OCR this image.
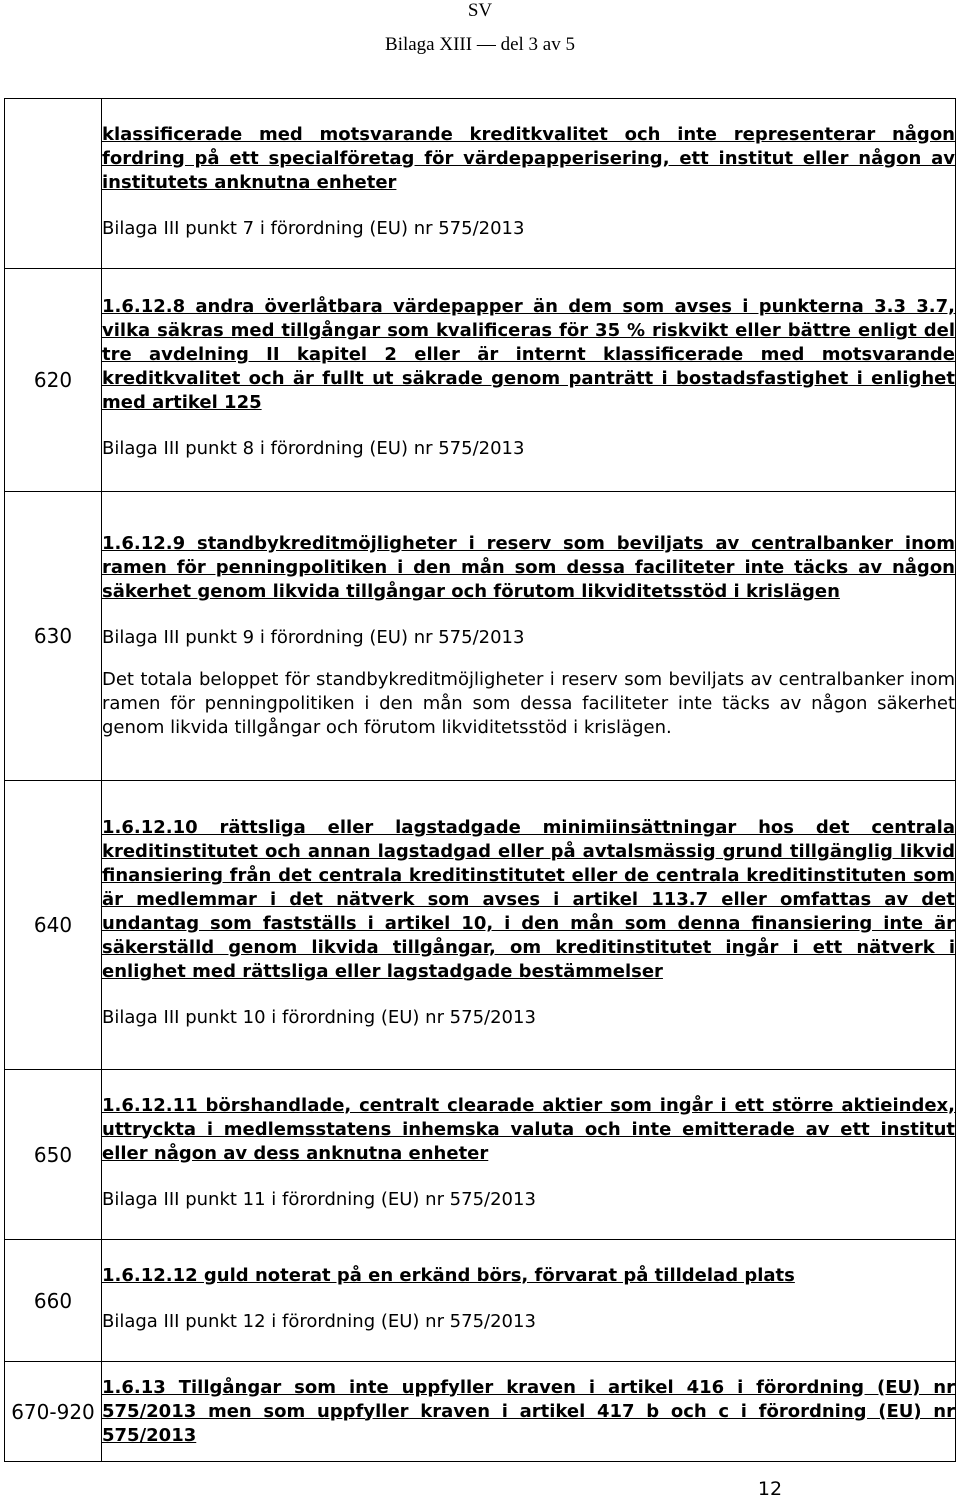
SV
Bilaga XIII — del 3 av 5

	klassificerade med motsvarande kreditkvalitet och inte representerar någon fordring på ett specialföretag för värdepapperisering, ett institut eller någon av institutets anknutna enheter

Bilaga III punkt 7 i förordning (EU) nr 575/2013

620	1.6.12.8 andra överlåtbara värdepapper än dem som avses i punkterna 3.3 3.7, vilka säkras med tillgångar som kvalificeras för 35 % riskvikt eller bättre enligt del tre avdelning II kapitel 2 eller är internt klassificerade med motsvarande kreditkvalitet och är fullt ut säkrade genom panträtt i bostadsfastighet i enlighet med artikel 125

Bilaga III punkt 8 i förordning (EU) nr 575/2013

630	1.6.12.9 standbykreditmöjligheter i reserv som beviljats av centralbanker inom ramen för penningpolitiken i den mån som dessa faciliteter inte täcks av någon säkerhet genom likvida tillgångar och förutom likviditetsstöd i krislägen

Bilaga III punkt 9 i förordning (EU) nr 575/2013

Det totala beloppet för standbykreditmöjligheter i reserv som beviljats av centralbanker inom ramen för penningpolitiken i den mån som dessa faciliteter inte täcks av någon säkerhet genom likvida tillgångar och förutom likviditetsstöd i krislägen.

640	1.6.12.10 rättsliga eller lagstadgade minimiinsättningar hos det centrala kreditinstitutet och annan lagstadgad eller på avtalsmässig grund tillgänglig likvid finansiering från det centrala kreditinstitutet eller de centrala kreditinstituten som är medlemmar i det nätverk som avses i artikel 113.7 eller omfattas av det undantag som fastställs i artikel 10, i den mån som denna finansiering inte är säkerställd genom likvida tillgångar, om kreditinstitutet ingår i ett nätverk i enlighet med rättsliga eller lagstadgade bestämmelser

Bilaga III punkt 10 i förordning (EU) nr 575/2013

650	1.6.12.11 börshandlade, centralt clearade aktier som ingår i ett större aktieindex, uttryckta i medlemsstatens inhemska valuta och inte emitterade av ett institut eller någon av dess anknutna enheter

Bilaga III punkt 11 i förordning (EU) nr 575/2013

660	1.6.12.12 guld noterat på en erkänd börs, förvarat på tilldelad plats

Bilaga III punkt 12 i förordning (EU) nr 575/2013

670-920	1.6.13 Tillgångar som inte uppfyller kraven i artikel 416 i förordning (EU) nr 575/2013 men som uppfyller kraven i artikel 417 b och c i förordning (EU) nr 575/2013

12
